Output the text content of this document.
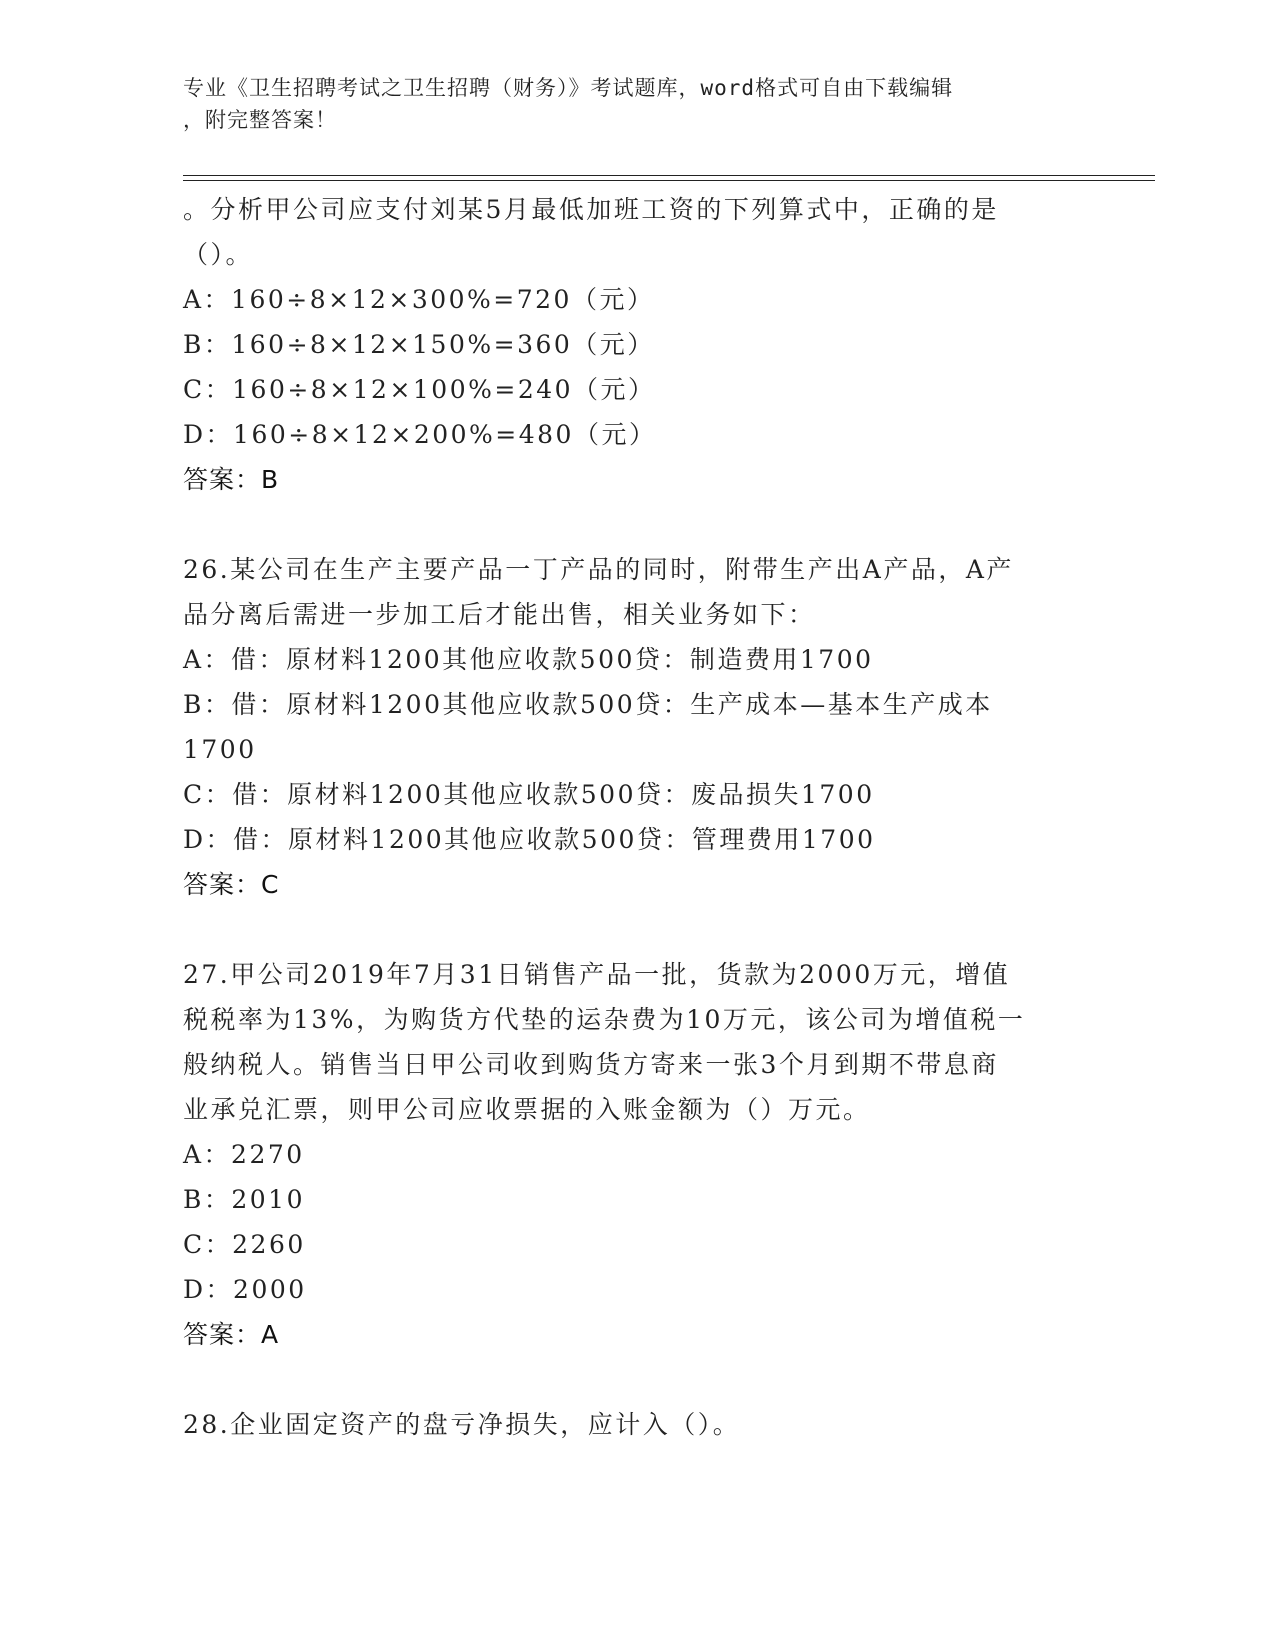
专业《卫生招聘考试之卫生招聘（财务）》考试题库，word格式可自由下载编辑
，附完整答案！
。分析甲公司应支付刘某5月最低加班工资的下列算式中，正确的是
（）。
A：160÷8×12×300%=720（元）
B：160÷8×12×150%=360（元）
C：160÷8×12×100%=240（元）
D：160÷8×12×200%=480（元）
答案：B
26.某公司在生产主要产品一丁产品的同时，附带生产出A产品，A产
品分离后需进一步加工后才能出售，相关业务如下：
A：借：原材料1200其他应收款500贷：制造费用1700
B：借：原材料1200其他应收款500贷：生产成本—基本生产成本
1700
C：借：原材料1200其他应收款500贷：废品损失1700
D：借：原材料1200其他应收款500贷：管理费用1700
答案：C
27.甲公司2019年7月31日销售产品一批，货款为2000万元，增值
税税率为13%，为购货方代垫的运杂费为10万元，该公司为增值税一
般纳税人。销售当日甲公司收到购货方寄来一张3个月到期不带息商
业承兑汇票，则甲公司应收票据的入账金额为（）万元。
A：2270
B：2010
C：2260
D：2000
答案：A
28.企业固定资产的盘亏净损失，应计入（）。
